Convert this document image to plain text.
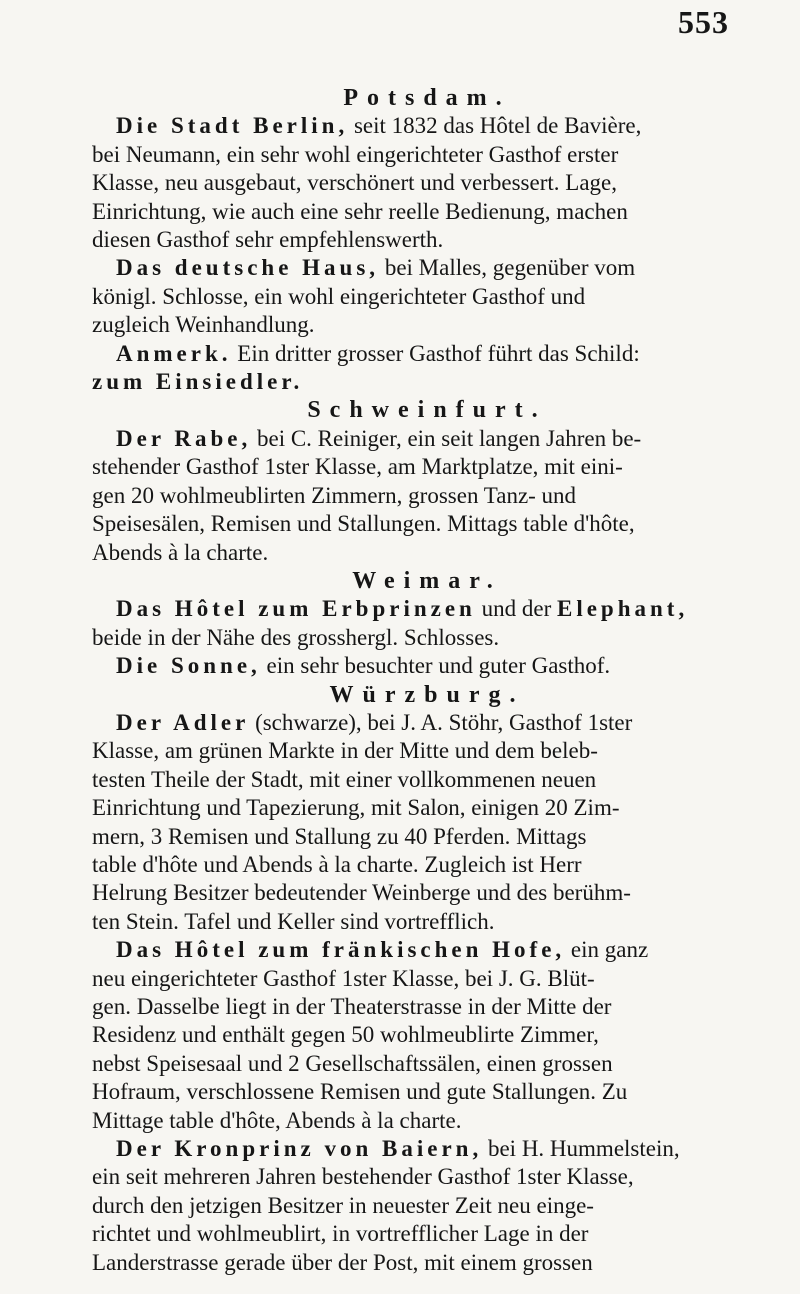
553
Potsdam.
Die Stadt Berlin, seit 1832 das Hôtel de Bavière,
bei Neumann, ein sehr wohl eingerichteter Gasthof erster
Klasse, neu ausgebaut, verschönert und verbessert. Lage,
Einrichtung, wie auch eine sehr reelle Bedienung, machen
diesen Gasthof sehr empfehlenswerth.
Das deutsche Haus, bei Malles, gegenüber vom
königl. Schlosse, ein wohl eingerichteter Gasthof und
zugleich Weinhandlung.
Anmerk. Ein dritter grosser Gasthof führt das Schild:
zum Einsiedler.
Schweinfurt.
Der Rabe, bei C. Reiniger, ein seit langen Jahren be-
stehender Gasthof 1ster Klasse, am Marktplatze, mit eini-
gen 20 wohlmeublirten Zimmern, grossen Tanz- und
Speisesälen, Remisen und Stallungen. Mittags table d'hôte,
Abends à la charte.
Weimar.
Das Hôtel zum Erbprinzen und der Elephant,
beide in der Nähe des grosshergl. Schlosses.
Die Sonne, ein sehr besuchter und guter Gasthof.
Würzburg.
Der Adler (schwarze), bei J. A. Stöhr, Gasthof 1ster
Klasse, am grünen Markte in der Mitte und dem beleb-
testen Theile der Stadt, mit einer vollkommenen neuen
Einrichtung und Tapezierung, mit Salon, einigen 20 Zim-
mern, 3 Remisen und Stallung zu 40 Pferden. Mittags
table d'hôte und Abends à la charte. Zugleich ist Herr
Helrung Besitzer bedeutender Weinberge und des berühm-
ten Stein. Tafel und Keller sind vortrefflich.
Das Hôtel zum fränkischen Hofe, ein ganz
neu eingerichteter Gasthof 1ster Klasse, bei J. G. Blüt-
gen. Dasselbe liegt in der Theaterstrasse in der Mitte der
Residenz und enthält gegen 50 wohlmeublirte Zimmer,
nebst Speisesaal und 2 Gesellschaftssälen, einen grossen
Hofraum, verschlossene Remisen und gute Stallungen. Zu
Mittage table d'hôte, Abends à la charte.
Der Kronprinz von Baiern, bei H. Hummelstein,
ein seit mehreren Jahren bestehender Gasthof 1ster Klasse,
durch den jetzigen Besitzer in neuester Zeit neu einge-
richtet und wohlmeublirt, in vortrefflicher Lage in der
Landerstrasse gerade über der Post, mit einem grossen
